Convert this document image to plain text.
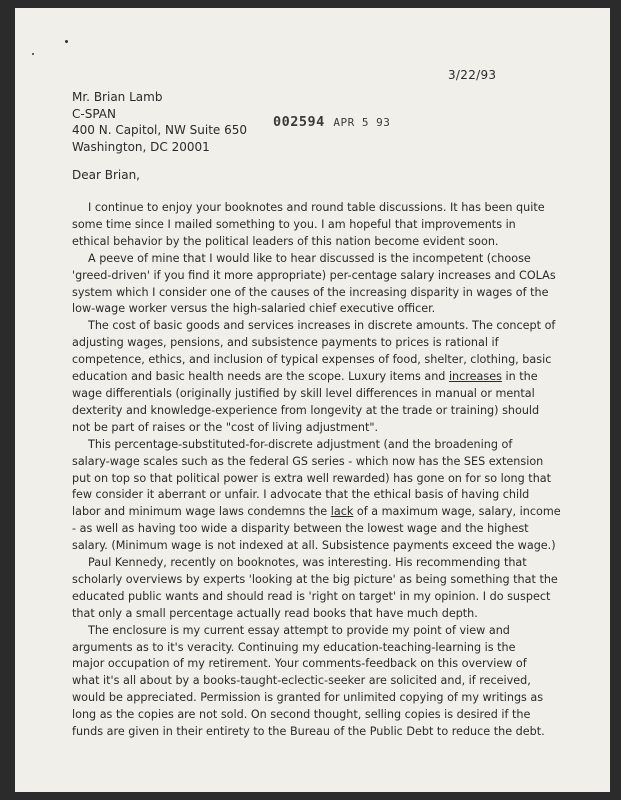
3/22/93
Mr. Brian Lamb
C-SPAN
400 N. Capitol, NW Suite 650
Washington, DC 20001
002594 APR 5 93
Dear Brian,

I continue to enjoy your booknotes and round table discussions. It has been quite
some time since I mailed something to you. I am hopeful that improvements in
ethical behavior by the political leaders of this nation become evident soon.

A peeve of mine that I would like to hear discussed is the incompetent (choose
'greed-driven' if you find it more appropriate) per-centage salary increases and COLAs
system which I consider one of the causes of the increasing disparity in wages of the
low-wage worker versus the high-salaried chief executive officer.

The cost of basic goods and services increases in discrete amounts. The concept of
adjusting wages, pensions, and subsistence payments to prices is rational if
competence, ethics, and inclusion of typical expenses of food, shelter, clothing, basic
education and basic health needs are the scope. Luxury items and increases in the
wage differentials (originally justified by skill level differences in manual or mental
dexterity and knowledge-experience from longevity at the trade or training) should
not be part of raises or the "cost of living adjustment".

This percentage-substituted-for-discrete adjustment (and the broadening of
salary-wage scales such as the federal GS series - which now has the SES extension
put on top so that political power is extra well rewarded) has gone on for so long that
few consider it aberrant or unfair. I advocate that the ethical basis of having child
labor and minimum wage laws condemns the lack of a maximum wage, salary, income
- as well as having too wide a disparity between the lowest wage and the highest
salary. (Minimum wage is not indexed at all. Subsistence payments exceed the wage.)

Paul Kennedy, recently on booknotes, was interesting. His recommending that
scholarly overviews by experts 'looking at the big picture' as being something that the
educated public wants and should read is 'right on target' in my opinion. I do suspect
that only a small percentage actually read books that have much depth.

The enclosure is my current essay attempt to provide my point of view and
arguments as to it's veracity. Continuing my education-teaching-learning is the
major occupation of my retirement. Your comments-feedback on this overview of
what it's all about by a books-taught-eclectic-seeker are solicited and, if received,
would be appreciated. Permission is granted for unlimited copying of my writings as
long as the copies are not sold. On second thought, selling copies is desired if the
funds are given in their entirety to the Bureau of the Public Debt to reduce the debt.
